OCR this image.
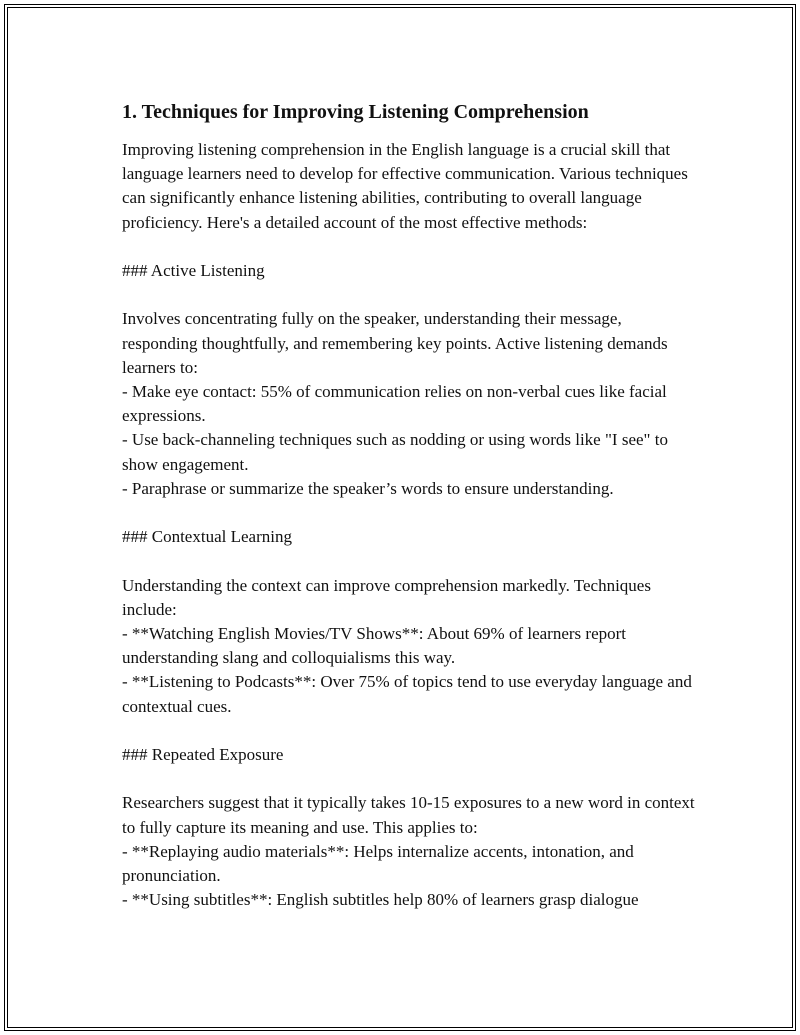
1. Techniques for Improving Listening Comprehension

Improving listening comprehension in the English language is a crucial skill that language learners need to develop for effective communication. Various techniques can significantly enhance listening abilities, contributing to overall language proficiency. Here's a detailed account of the most effective methods:

### Active Listening

Involves concentrating fully on the speaker, understanding their message, responding thoughtfully, and remembering key points. Active listening demands learners to:
- Make eye contact: 55% of communication relies on non-verbal cues like facial expressions.
- Use back-channeling techniques such as nodding or using words like "I see" to show engagement.
- Paraphrase or summarize the speaker’s words to ensure understanding.

### Contextual Learning

Understanding the context can improve comprehension markedly. Techniques include:
- **Watching English Movies/TV Shows**: About 69% of learners report understanding slang and colloquialisms this way.
- **Listening to Podcasts**: Over 75% of topics tend to use everyday language and contextual cues.

### Repeated Exposure

Researchers suggest that it typically takes 10-15 exposures to a new word in context to fully capture its meaning and use. This applies to:
- **Replaying audio materials**: Helps internalize accents, intonation, and pronunciation.
- **Using subtitles**: English subtitles help 80% of learners grasp dialogue
